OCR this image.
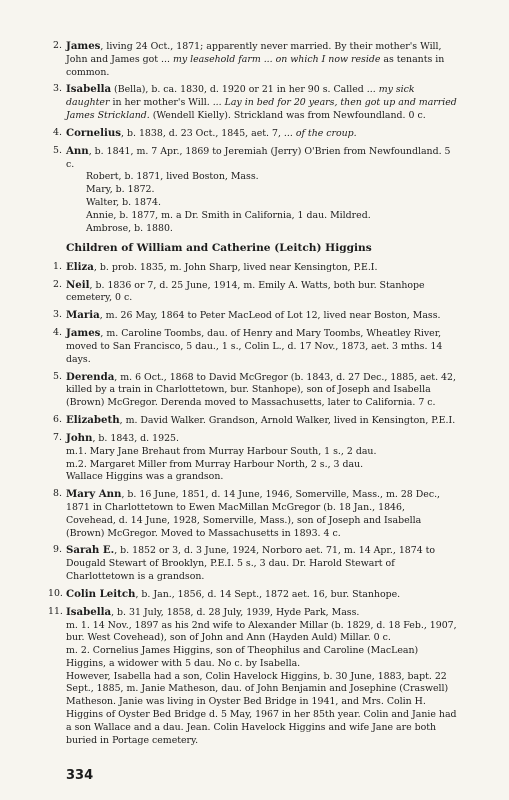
2. James, living 24 Oct., 1871; apparently never married. By their mother's Will, John and James got ... my leasehold farm ... on which I now reside as tenants in common.
3. Isabella (Bella), b. ca. 1830, d. 1920 or 21 in her 90 s. Called ... my sick daughter in her mother's Will. ... Lay in bed for 20 years, then got up and married James Strickland. (Wendell Kielly). Strickland was from Newfoundland. 0 c.
4. Cornelius, b. 1838, d. 23 Oct., 1845, aet. 7, ... of the croup.
5. Ann, b. 1841, m. 7 Apr., 1869 to Jeremiah (Jerry) O'Brien from Newfoundland. 5 c.

Robert, b. 1871, lived Boston, Mass.

Mary, b. 1872.

Walter, b. 1874.

Annie, b. 1877, m. a Dr. Smith in California, 1 dau. Mildred.

Ambrose, b. 1880.

Children of William and Catherine (Leitch) Higgins
1. Eliza, b. prob. 1835, m. John Sharp, lived near Kensington, P.E.I.
2. Neil, b. 1836 or 7, d. 25 June, 1914, m. Emily A. Watts, both bur. Stanhope cemetery, 0 c.
3. Maria, m. 26 May, 1864 to Peter MacLeod of Lot 12, lived near Boston, Mass.
4. James, m. Caroline Toombs, dau. of Henry and Mary Toombs, Wheatley River, moved to San Francisco, 5 dau., 1 s., Colin L., d. 17 Nov., 1873, aet. 3 mths. 14 days.
5. Derenda, m. 6 Oct., 1868 to David McGregor (b. 1843, d. 27 Dec., 1885, aet. 42, killed by a train in Charlottetown, bur. Stanhope), son of Joseph and Isabella (Brown) McGregor. Derenda moved to Massachusetts, later to California. 7 c.
6. Elizabeth, m. David Walker. Grandson, Arnold Walker, lived in Kensington, P.E.I.
7. John, b. 1843, d. 1925.

m.1. Mary Jane Brehaut from Murray Harbour South, 1 s., 2 dau.

m.2. Margaret Miller from Murray Harbour North, 2 s., 3 dau.

Wallace Higgins was a grandson.

8. Mary Ann, b. 16 June, 1851, d. 14 June, 1946, Somerville, Mass., m. 28 Dec., 1871 in Charlottetown to Ewen MacMillan McGregor (b. 18 Jan., 1846, Covehead, d. 14 June, 1928, Somerville, Mass.), son of Joseph and Isabella (Brown) McGregor. Moved to Massachusetts in 1893. 4 c.
9. Sarah E., b. 1852 or 3, d. 3 June, 1924, Norboro aet. 71, m. 14 Apr., 1874 to Dougald Stewart of Brooklyn, P.E.I. 5 s., 3 dau. Dr. Harold Stewart of Charlottetown is a grandson.
10. Colin Leitch, b. Jan., 1856, d. 14 Sept., 1872 aet. 16, bur. Stanhope.
11. Isabella, b. 31 July, 1858, d. 28 July, 1939, Hyde Park, Mass.

m. 1. 14 Nov., 1897 as his 2nd wife to Alexander Millar (b. 1829, d. 18 Feb., 1907, bur. West Covehead), son of John and Ann (Hayden Auld) Millar. 0 c.

m. 2. Cornelius James Higgins, son of Theophilus and Caroline (MacLean) Higgins, a widower with 5 dau. No c. by Isabella.

However, Isabella had a son, Colin Havelock Higgins, b. 30 June, 1883, bapt. 22 Sept., 1885, m. Janie Matheson, dau. of John Benjamin and Josephine (Craswell) Matheson. Janie was living in Oyster Bed Bridge in 1941, and Mrs. Colin H. Higgins of Oyster Bed Bridge d. 5 May, 1967 in her 85th year. Colin and Janie had a son Wallace and a dau. Jean. Colin Havelock Higgins and wife Jane are both buried in Portage cemetery.

334
